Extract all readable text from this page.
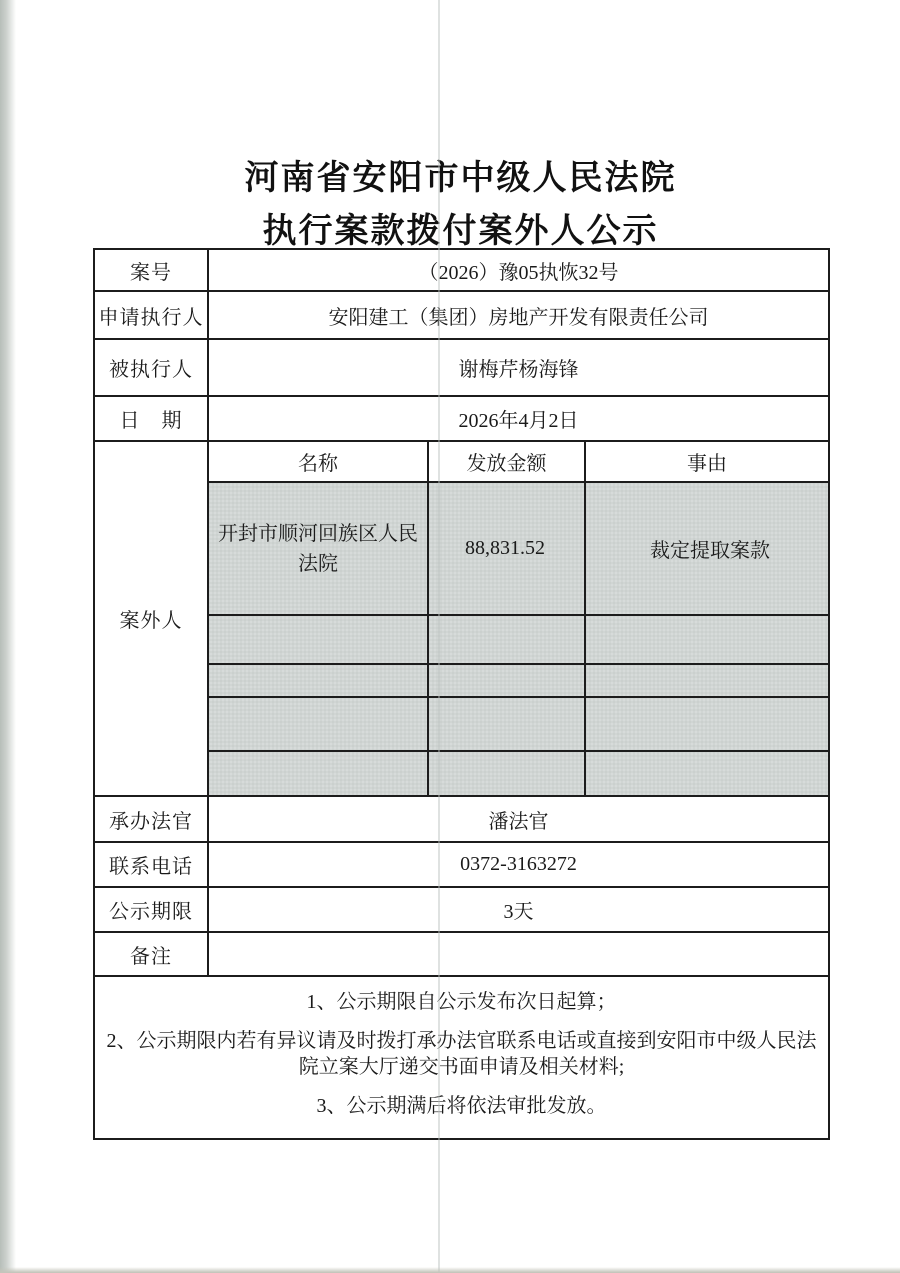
河南省安阳市中级人民法院
执行案款拨付案外人公示
案号	（2026）豫05执恢32号		
申请执行人	安阳建工（集团）房地产开发有限责任公司		
被执行人	谢梅芹杨海锋		
日　期	2026年4月2日		
案外人	名称	发放金额	事由
	开封市顺河回族区人民法院	88,831.52	裁定提取案款

承办法官	潘法官		
联系电话	0372-3163272		
公示期限	3天		
备注			

1、公示期限自公示发布次日起算；

2、公示期限内若有异议请及时拨打承办法官联系电话或直接到安阳市中级人民法院立案大厅递交书面申请及相关材料;

3、公示期满后将依法审批发放。			
